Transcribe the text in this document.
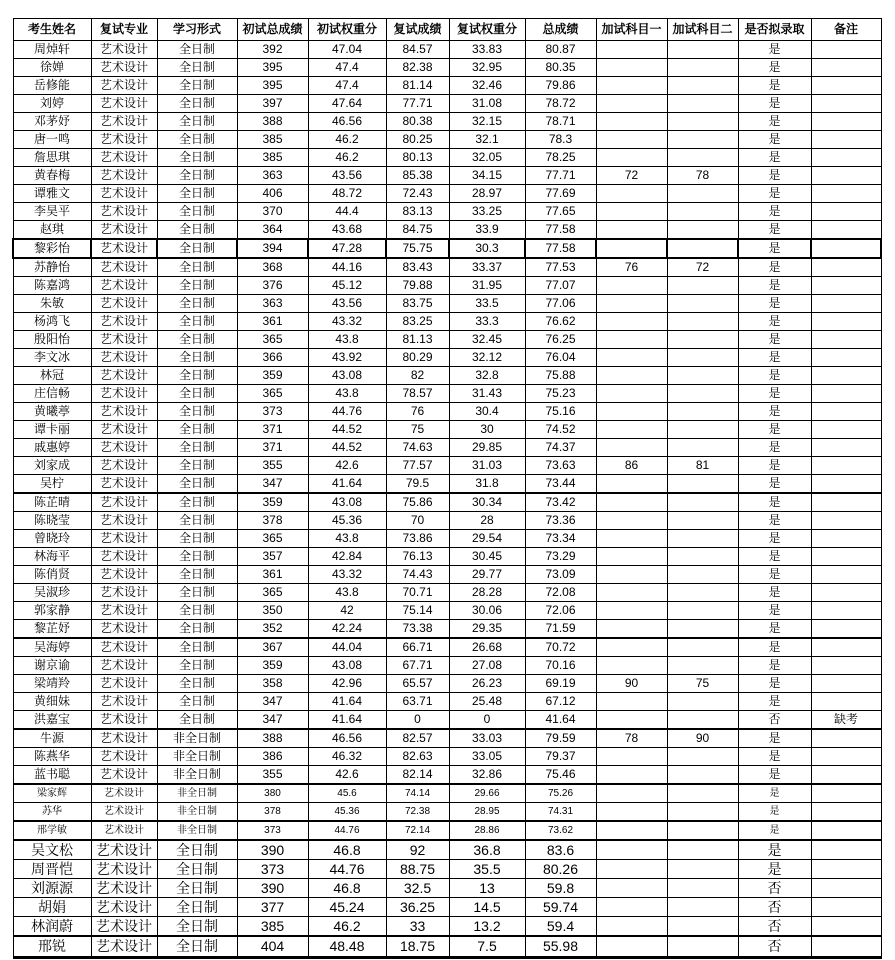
考生姓名	复试专业	学习形式	初试总成绩	初试权重分	复试成绩	复试权重分	总成绩	加试科目一	加试科目二	是否拟录取	备注
周焯轩	艺术设计	全日制	392	47.04	84.57	33.83	80.87			是	
徐婵	艺术设计	全日制	395	47.4	82.38	32.95	80.35			是	
岳修能	艺术设计	全日制	395	47.4	81.14	32.46	79.86			是	
刘婷	艺术设计	全日制	397	47.64	77.71	31.08	78.72			是	
邓茅妤	艺术设计	全日制	388	46.56	80.38	32.15	78.71			是	
唐一鸣	艺术设计	全日制	385	46.2	80.25	32.1	78.3			是	
詹思琪	艺术设计	全日制	385	46.2	80.13	32.05	78.25			是	
黄春梅	艺术设计	全日制	363	43.56	85.38	34.15	77.71	72	78	是	
谭雅文	艺术设计	全日制	406	48.72	72.43	28.97	77.69			是	
李昊平	艺术设计	全日制	370	44.4	83.13	33.25	77.65			是	
赵琪	艺术设计	全日制	364	43.68	84.75	33.9	77.58			是	
黎彩怡	艺术设计	全日制	394	47.28	75.75	30.3	77.58			是	
苏静怡	艺术设计	全日制	368	44.16	83.43	33.37	77.53	76	72	是	
陈嘉鸿	艺术设计	全日制	376	45.12	79.88	31.95	77.07			是	
朱敏	艺术设计	全日制	363	43.56	83.75	33.5	77.06			是	
杨鸿飞	艺术设计	全日制	361	43.32	83.25	33.3	76.62			是	
殷阳怡	艺术设计	全日制	365	43.8	81.13	32.45	76.25			是	
李文冰	艺术设计	全日制	366	43.92	80.29	32.12	76.04			是	
林冠	艺术设计	全日制	359	43.08	82	32.8	75.88			是	
庄信畅	艺术设计	全日制	365	43.8	78.57	31.43	75.23			是	
黄曦葶	艺术设计	全日制	373	44.76	76	30.4	75.16			是	
谭卡丽	艺术设计	全日制	371	44.52	75	30	74.52			是	
戚惠婷	艺术设计	全日制	371	44.52	74.63	29.85	74.37			是	
刘家成	艺术设计	全日制	355	42.6	77.57	31.03	73.63	86	81	是	
吴柠	艺术设计	全日制	347	41.64	79.5	31.8	73.44			是	
陈芷晴	艺术设计	全日制	359	43.08	75.86	30.34	73.42			是	
陈晓莹	艺术设计	全日制	378	45.36	70	28	73.36			是	
曾晓玲	艺术设计	全日制	365	43.8	73.86	29.54	73.34			是	
林海平	艺术设计	全日制	357	42.84	76.13	30.45	73.29			是	
陈俏贤	艺术设计	全日制	361	43.32	74.43	29.77	73.09			是	
吴淑珍	艺术设计	全日制	365	43.8	70.71	28.28	72.08			是	
郭家静	艺术设计	全日制	350	42	75.14	30.06	72.06			是	
黎芷妤	艺术设计	全日制	352	42.24	73.38	29.35	71.59			是	
吴海婷	艺术设计	全日制	367	44.04	66.71	26.68	70.72			是	
谢京谕	艺术设计	全日制	359	43.08	67.71	27.08	70.16			是	
梁靖羚	艺术设计	全日制	358	42.96	65.57	26.23	69.19	90	75	是	
黄细妹	艺术设计	全日制	347	41.64	63.71	25.48	67.12			是	
洪嘉宝	艺术设计	全日制	347	41.64	0	0	41.64			否	缺考
牛源	艺术设计	非全日制	388	46.56	82.57	33.03	79.59	78	90	是	
陈燕华	艺术设计	非全日制	386	46.32	82.63	33.05	79.37			是	
蓝书聪	艺术设计	非全日制	355	42.6	82.14	32.86	75.46			是	
梁家辉	艺术设计	非全日制	380	45.6	74.14	29.66	75.26			是	
苏华	艺术设计	非全日制	378	45.36	72.38	28.95	74.31			是	
邢学敏	艺术设计	非全日制	373	44.76	72.14	28.86	73.62			是	
吴文松	艺术设计	全日制	390	46.8	92	36.8	83.6			是	
周晋恺	艺术设计	全日制	373	44.76	88.75	35.5	80.26			是	
刘源源	艺术设计	全日制	390	46.8	32.5	13	59.8			否	
胡娟	艺术设计	全日制	377	45.24	36.25	14.5	59.74			否	
林润蔚	艺术设计	全日制	385	46.2	33	13.2	59.4			否	
邢锐	艺术设计	全日制	404	48.48	18.75	7.5	55.98			否	
